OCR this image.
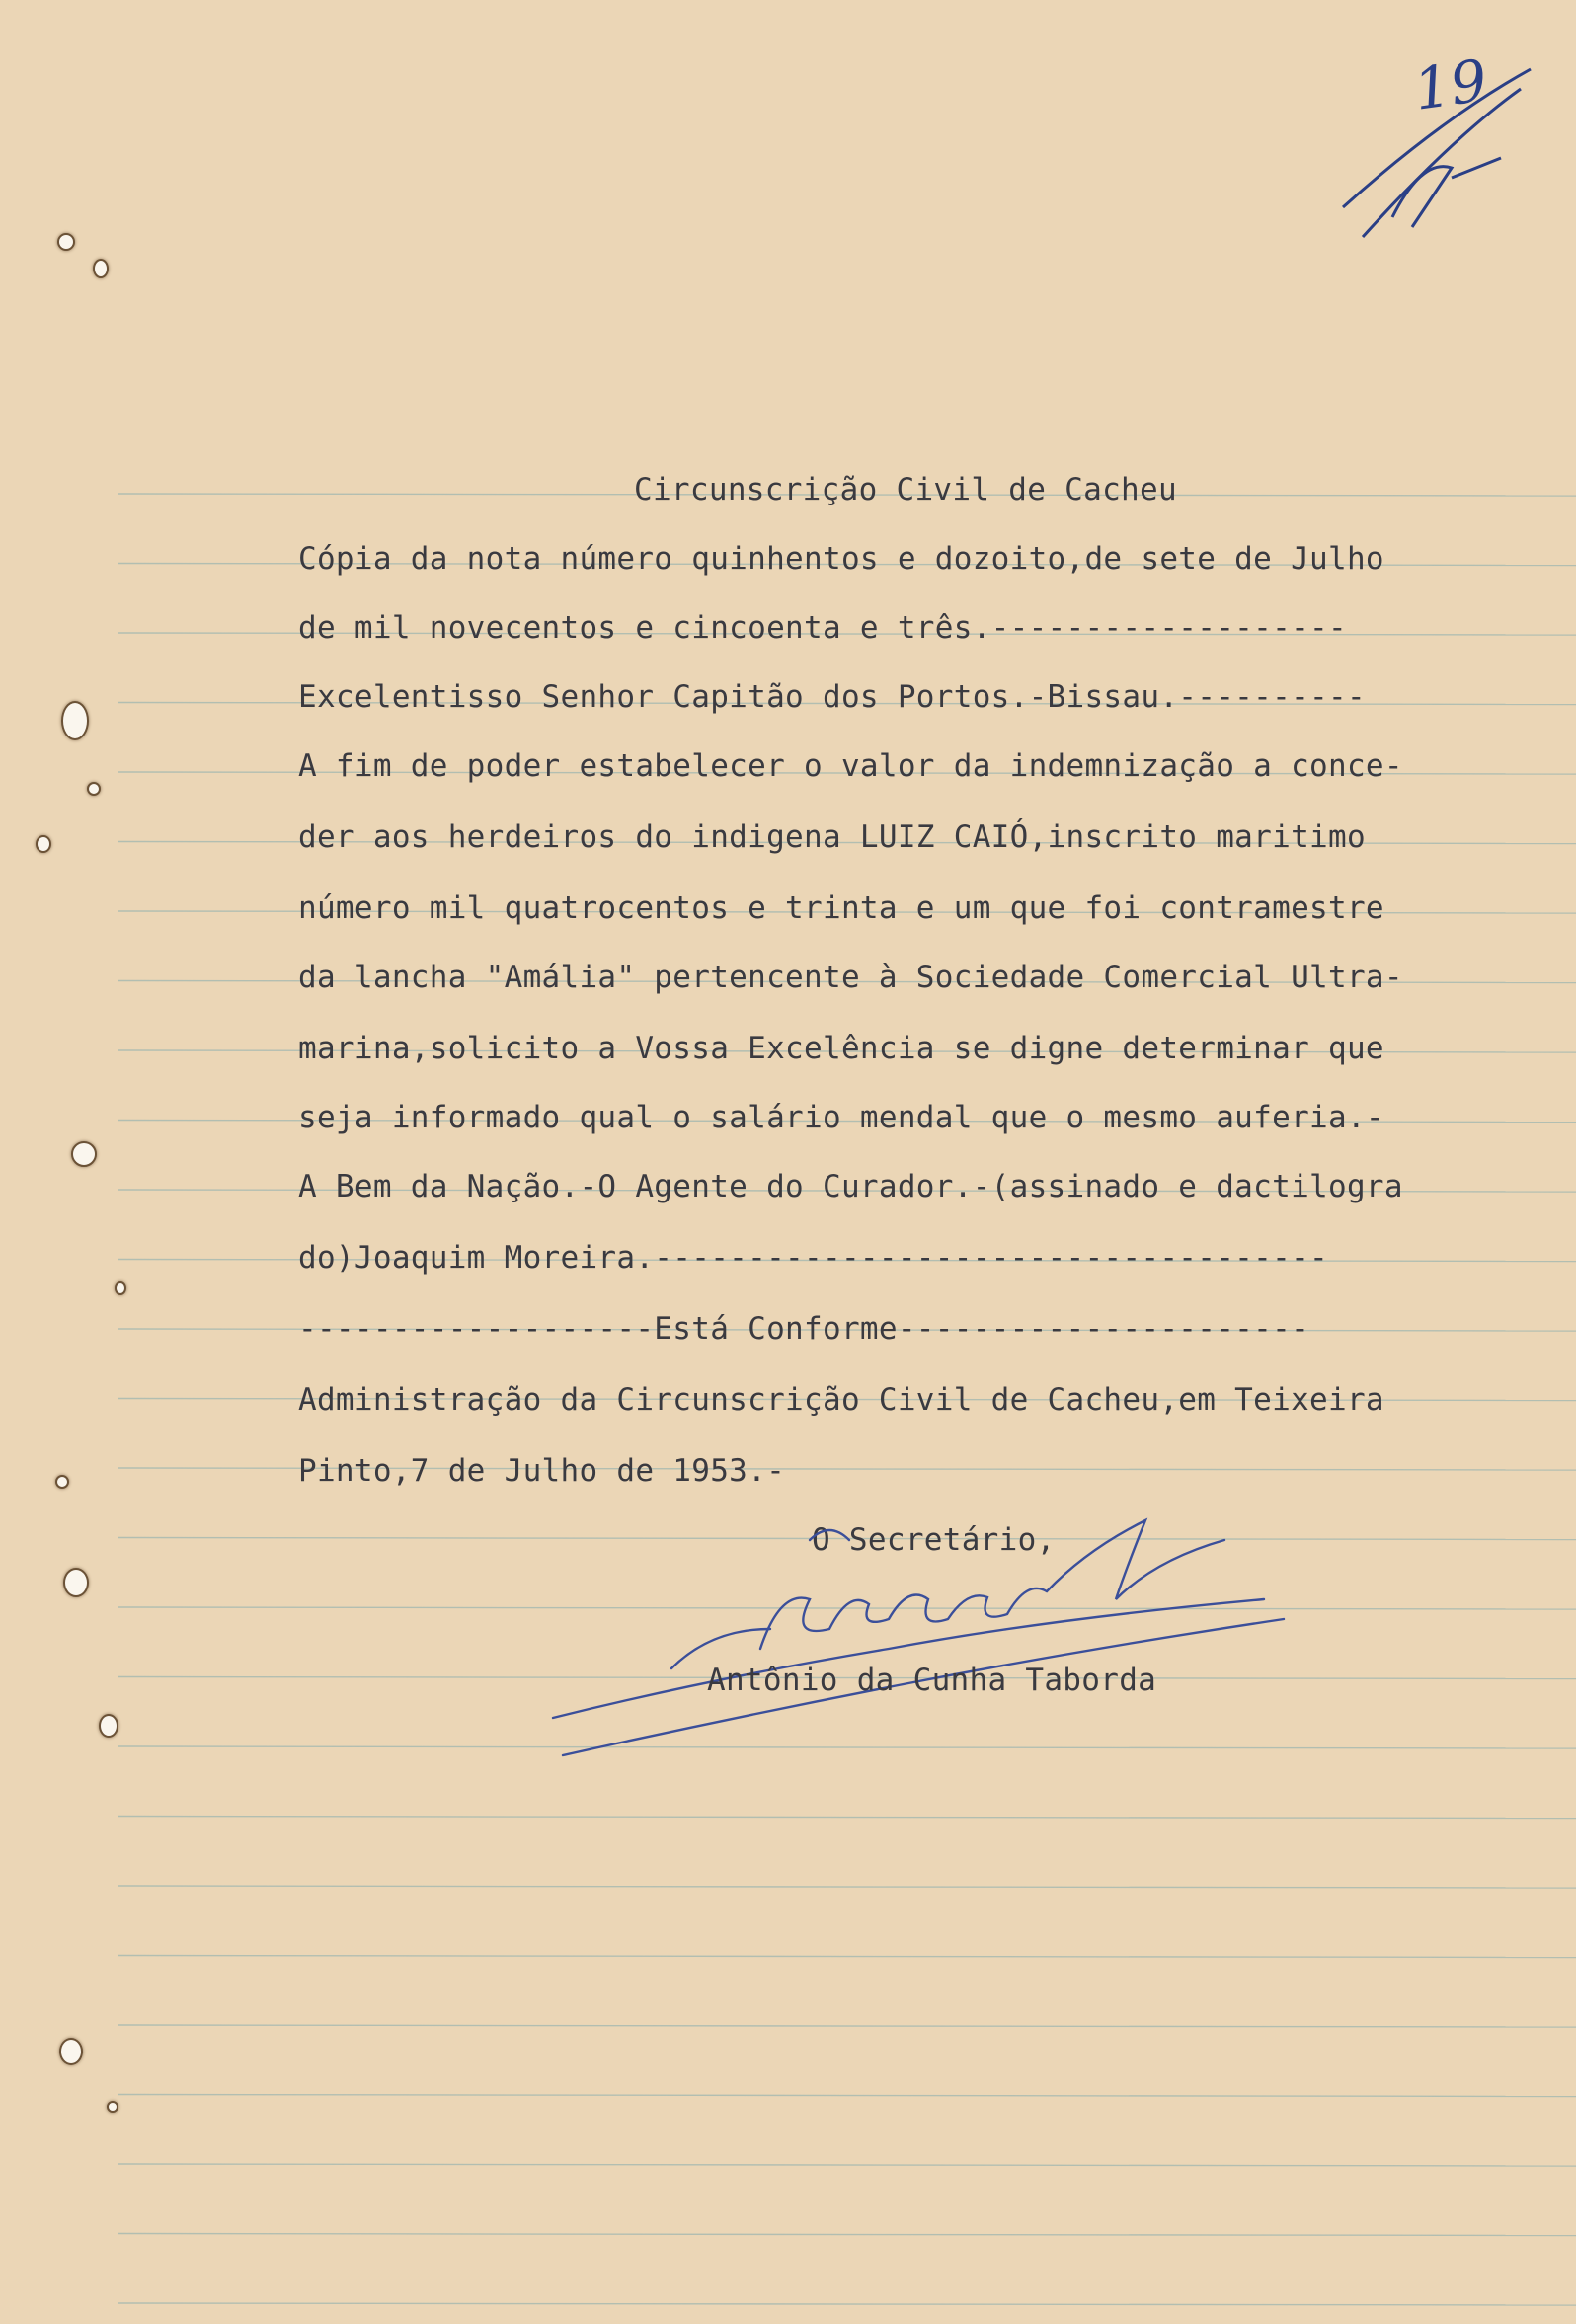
19
Circunscrição Civil de Cacheu
Cópia da nota número quinhentos e dozoito,de sete de Julho
de mil novecentos e cincoenta e três.-------------------
Excelentisso Senhor Capitão dos Portos.-Bissau.----------
A fim de poder estabelecer o valor da indemnização a conce-
der aos herdeiros do indigena LUIZ CAIÓ,inscrito maritimo
número mil quatrocentos e trinta e um que foi contramestre
da lancha "Amália" pertencente à Sociedade Comercial Ultra-
marina,solicito a Vossa Excelência se digne determinar que
seja informado qual o salário mendal que o mesmo auferia.-
A Bem da Nação.-O Agente do Curador.-(assinado e dactilogra
do)Joaquim Moreira.------------------------------------
-------------------Está Conforme----------------------
Administração da Circunscrição Civil de Cacheu,em Teixeira
Pinto,7 de Julho de 1953.-
O Secretário,
Antônio da Cunha Taborda
